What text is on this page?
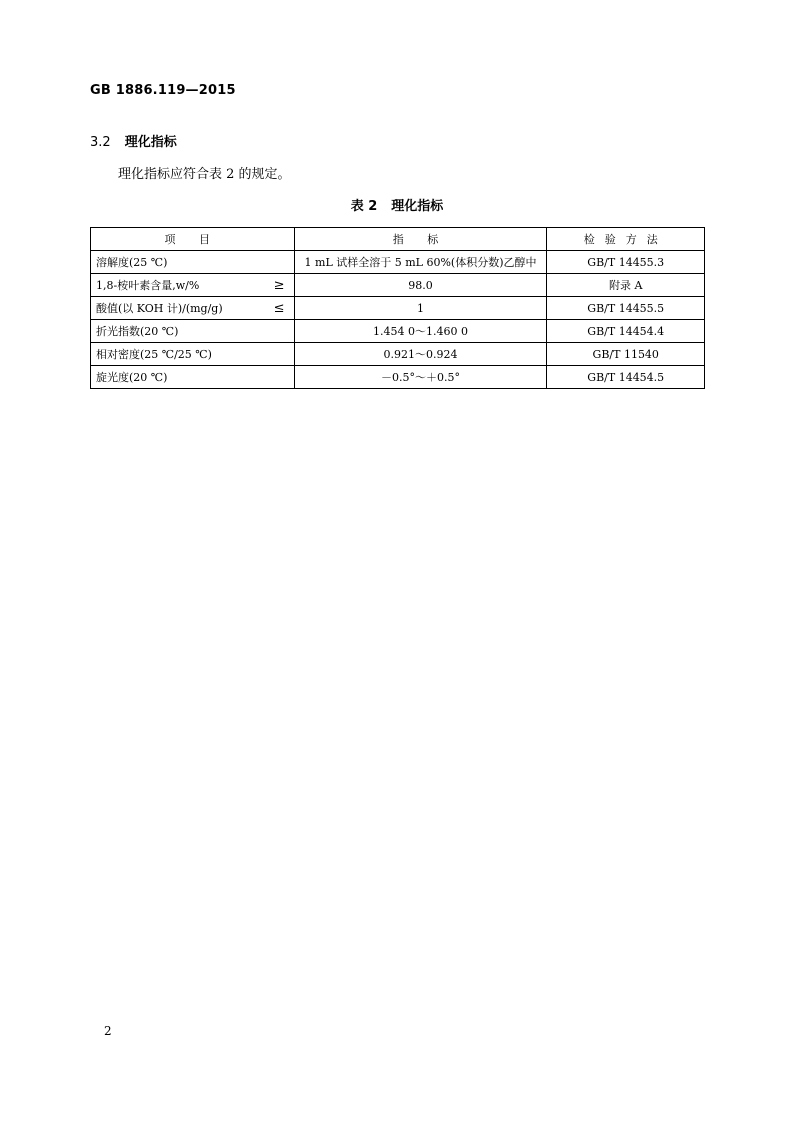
GB 1886.119—2015
3.2 理化指标
理化指标应符合表 2 的规定。
表 2 理化指标
项 目	指 标	检验方法

溶解度(25 ℃)	1 mL 试样全溶于 5 mL 60%(体积分数)乙醇中	GB/T 14455.3

1,8-桉叶素含量,w/% ≥	98.0	附录 A

酸值(以 KOH 计)/(mg/g) ≤	1	GB/T 14455.5

折光指数(20 ℃)	1.454 0～1.460 0	GB/T 14454.4

相对密度(25 ℃/25 ℃)	0.921～0.924	GB/T 11540

旋光度(20 ℃)	－0.5°～＋0.5°	GB/T 14454.5
2
